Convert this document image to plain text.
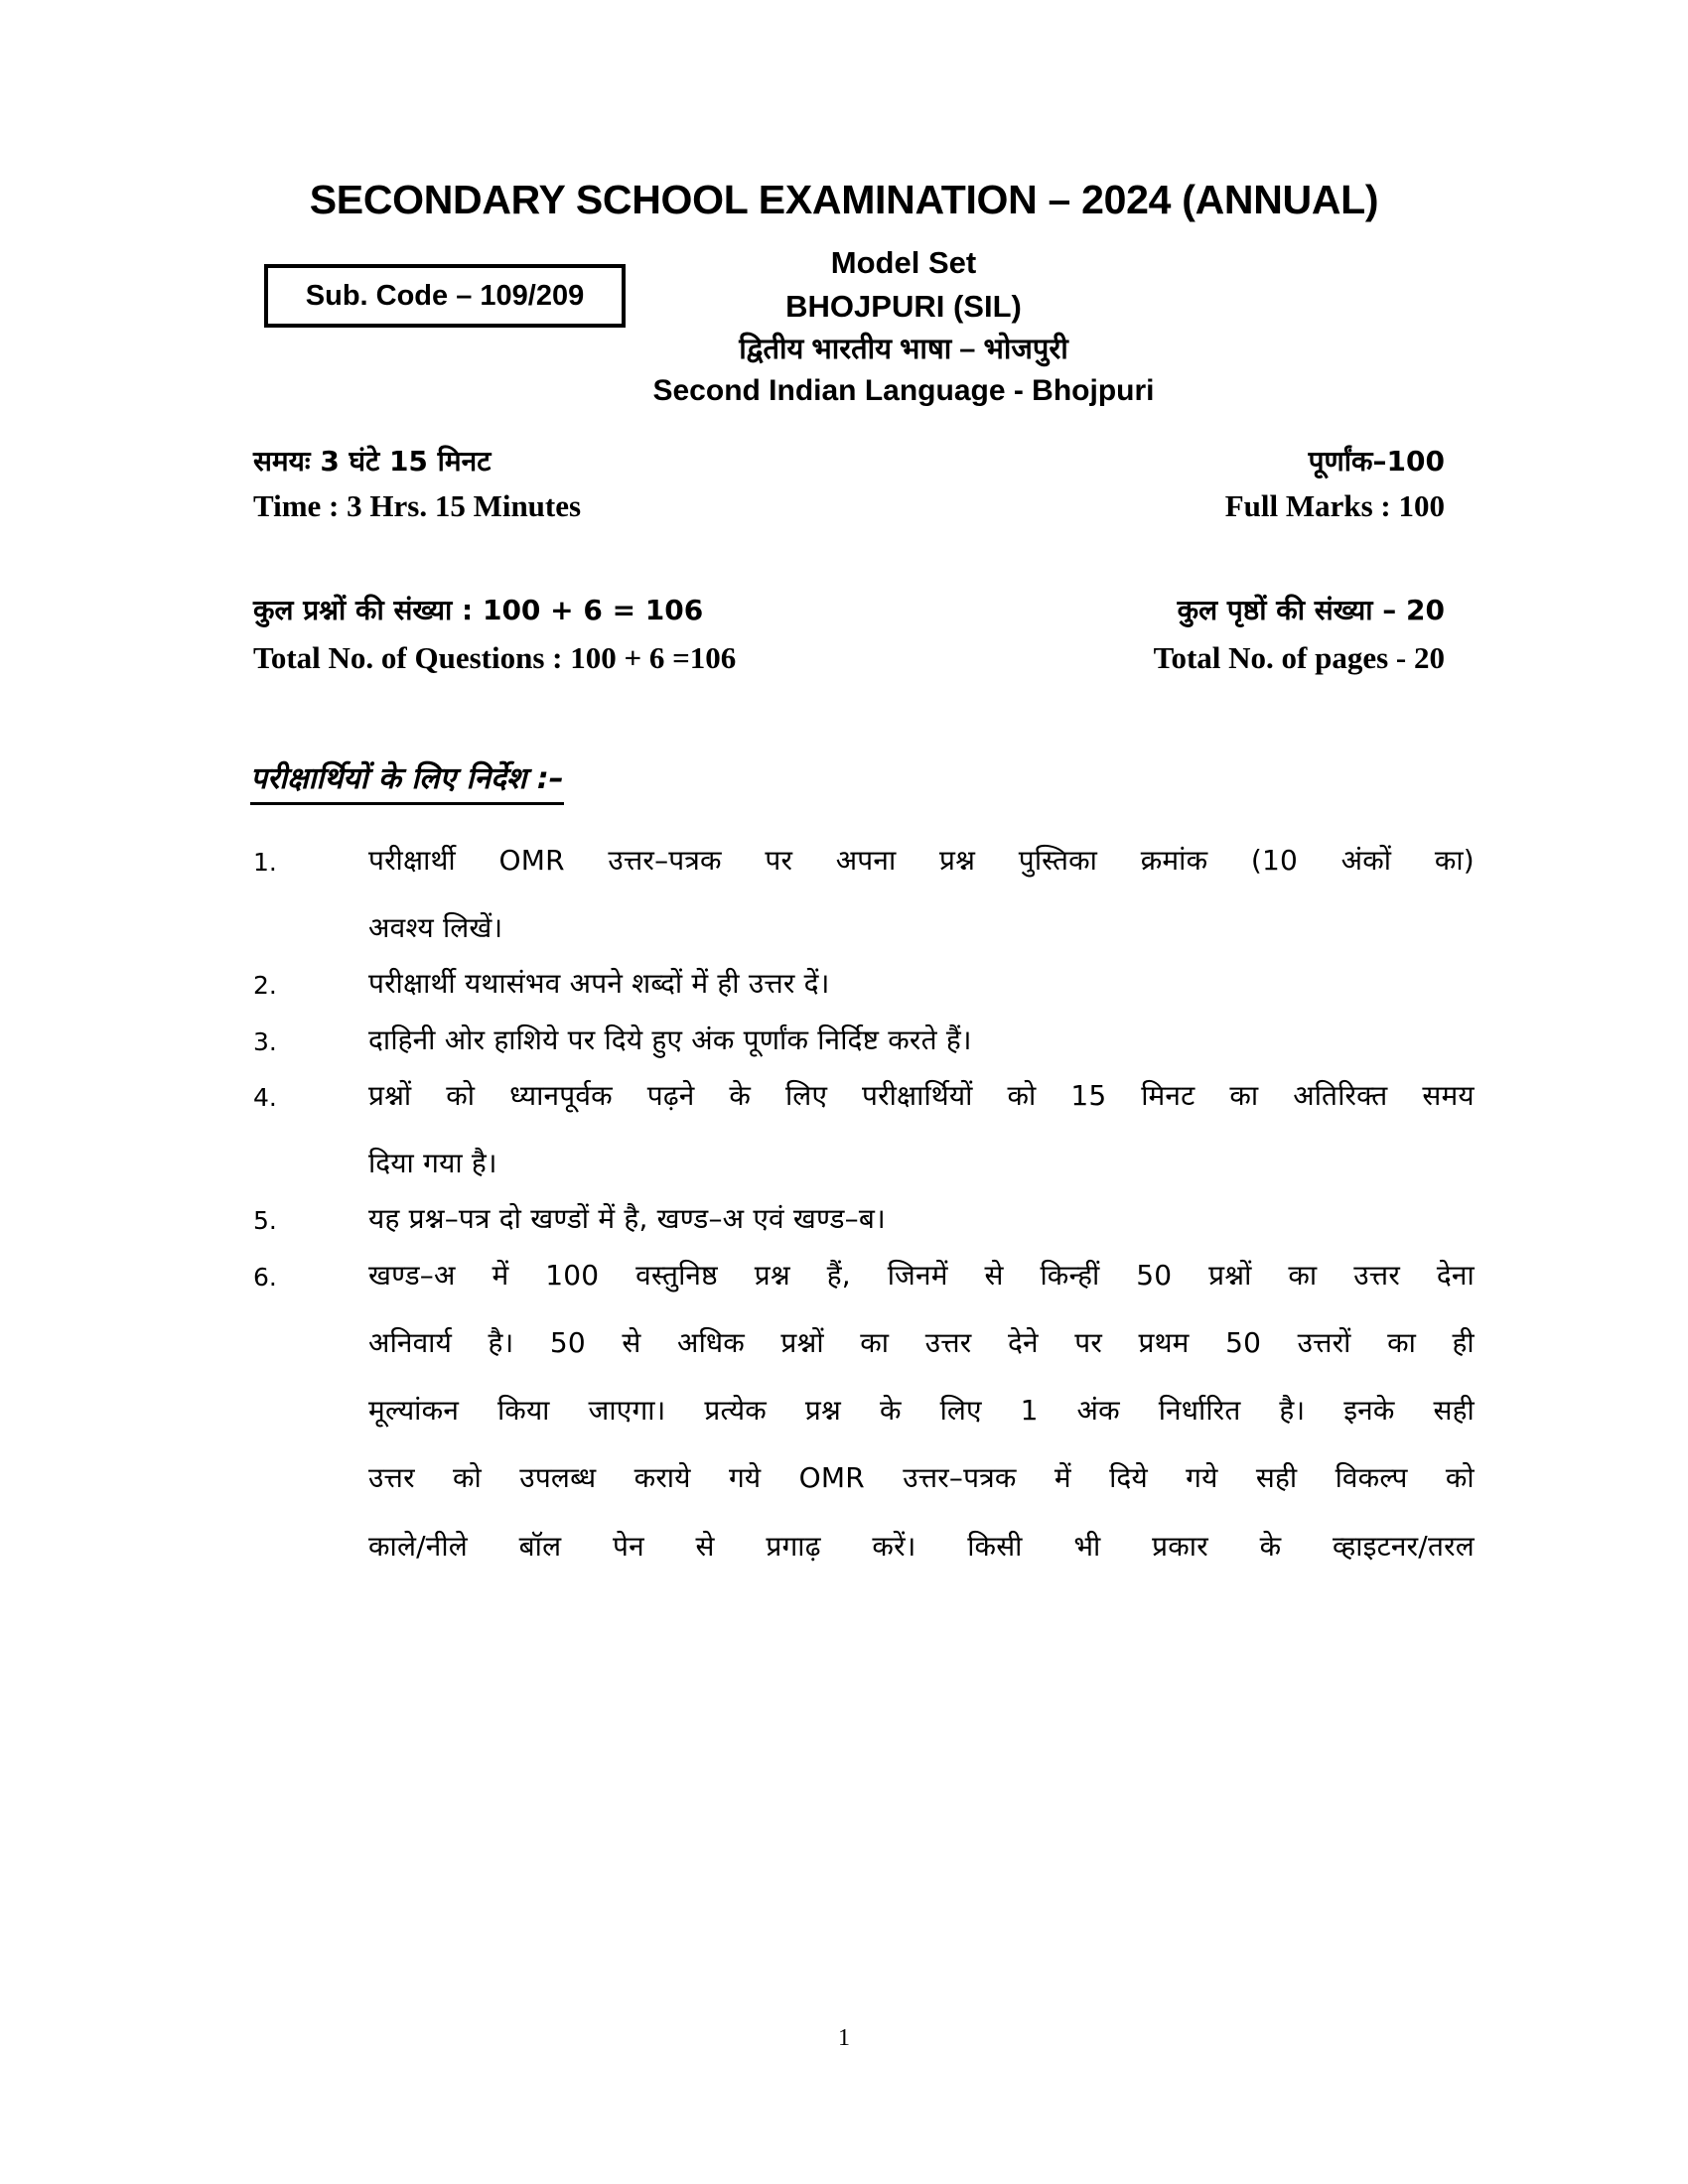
SECONDARY SCHOOL EXAMINATION – 2024 (ANNUAL)
Sub. Code – 109/209
Model Set
BHOJPURI (SIL)
द्वितीय भारतीय भाषा – भोजपुरी
Second Indian Language - Bhojpuri
समयः 3 घंटे 15 मिनट	पूर्णांक–100
Time : 3 Hrs. 15 Minutes	Full Marks : 100
कुल प्रश्नों की संख्या : 100 + 6 = 106	कुल पृष्ठों की संख्या – 20
Total No. of Questions : 100 + 6 =106	Total No. of pages - 20
परीक्षार्थियों के लिए निर्देश :–
1.	परीक्षार्थी OMR उत्तर–पत्रक पर अपना प्रश्न पुस्तिका क्रमांक (10 अंकों का)
अवश्य लिखें।
2.	परीक्षार्थी यथासंभव अपने शब्दों में ही उत्तर दें।
3.	दाहिनी ओर हाशिये पर दिये हुए अंक पूर्णांक निर्दिष्ट करते हैं।
4.	प्रश्नों को ध्यानपूर्वक पढ़ने के लिए परीक्षार्थियों को 15 मिनट का अतिरिक्त समय
दिया गया है।
5.	यह प्रश्न–पत्र दो खण्डों में है, खण्ड–अ एवं खण्ड–ब।
6.	खण्ड–अ में 100 वस्तुनिष्ठ प्रश्न हैं, जिनमें से किन्हीं 50 प्रश्नों का उत्तर देना
अनिवार्य है। 50 से अधिक प्रश्नों का उत्तर देने पर प्रथम 50 उत्तरों का ही
मूल्यांकन किया जाएगा। प्रत्येक प्रश्न के लिए 1 अंक निर्धारित है। इनके सही
उत्तर को उपलब्ध कराये गये OMR उत्तर–पत्रक में दिये गये सही विकल्प को
काले/नीले बॉल पेन से प्रगाढ़ करें। किसी भी प्रकार के व्हाइटनर/तरल
1
